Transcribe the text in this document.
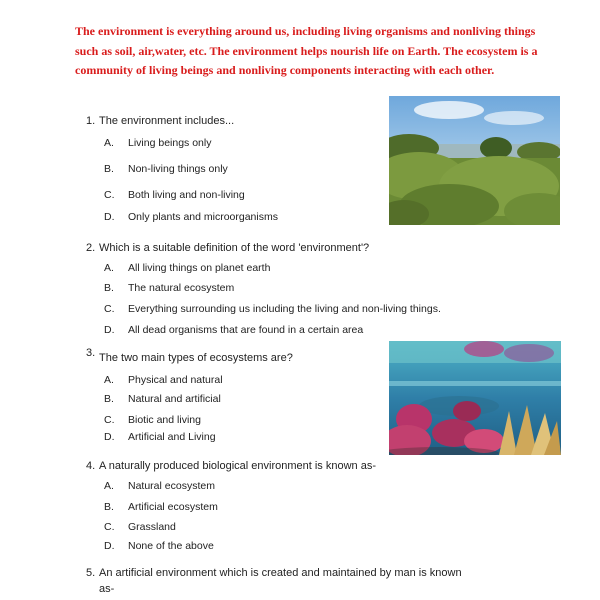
The environment is everything around us, including living organisms and nonliving things such as soil, air,water, etc. The environment helps nourish life on Earth. The ecosystem is a community of living beings and nonliving components interacting with each other.
1. The environment includes...
A. Living beings only
B. Non-living things only
C. Both living and non-living
D. Only plants and microorganisms
2. Which is a suitable definition of the word 'environment'?
A. All living things on planet earth
B. The natural ecosystem
C. Everything surrounding us including the living and non-living things.
D. All dead organisms that are found in a certain area
3. The two main types of ecosystems are?
A. Physical and natural
B. Natural and artificial
C. Biotic and living
D. Artificial and Living
4. A naturally produced biological environment is known as-
A. Natural ecosystem
B. Artificial ecosystem
C. Grassland
D. None of the above
5. An artificial environment which is created and maintained by man is known
as-
